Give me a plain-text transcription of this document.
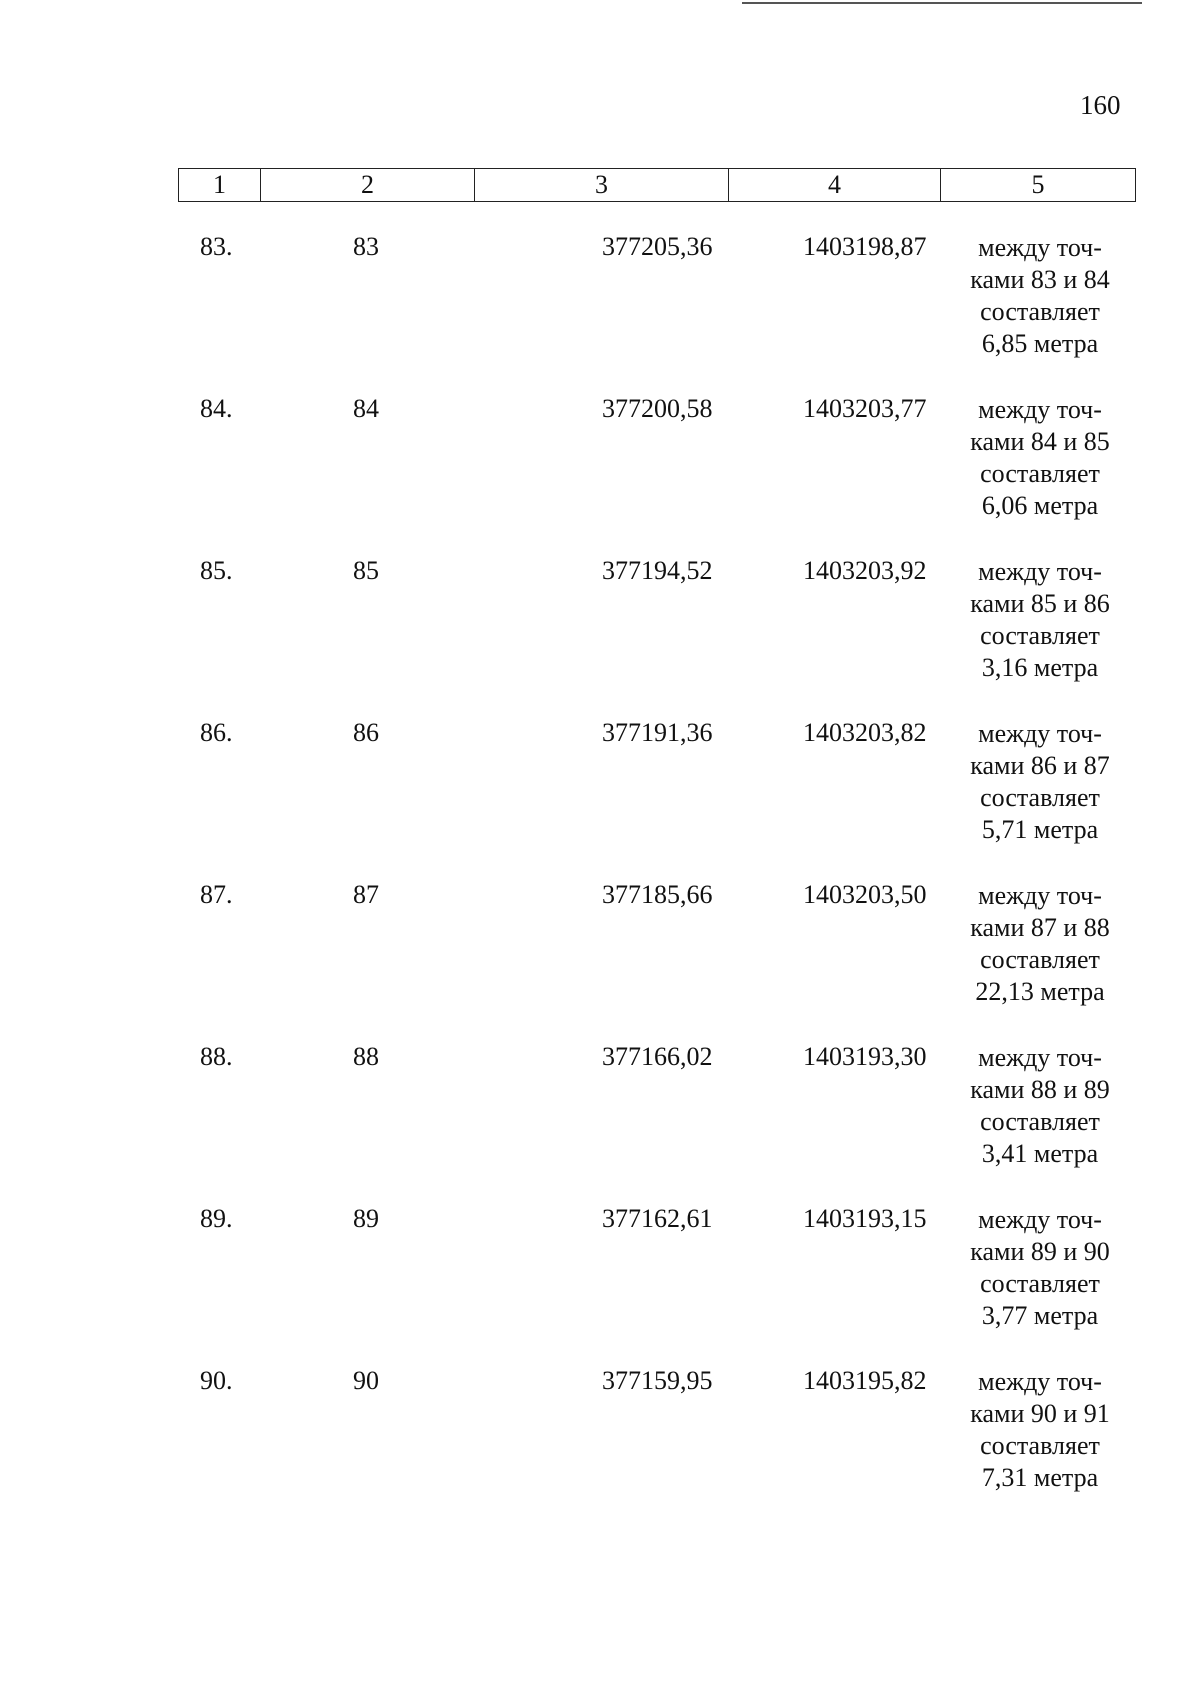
160
1	2	3	4	5
83.	83	377205,36	1403198,87	между точ-
ками 83 и 84
составляет
6,85 метра
84.	84	377200,58	1403203,77	между точ-
ками 84 и 85
составляет
6,06 метра
85.	85	377194,52	1403203,92	между точ-
ками 85 и 86
составляет
3,16 метра
86.	86	377191,36	1403203,82	между точ-
ками 86 и 87
составляет
5,71 метра
87.	87	377185,66	1403203,50	между точ-
ками 87 и 88
составляет
22,13 метра
88.	88	377166,02	1403193,30	между точ-
ками 88 и 89
составляет
3,41 метра
89.	89	377162,61	1403193,15	между точ-
ками 89 и 90
составляет
3,77 метра
90.	90	377159,95	1403195,82	между точ-
ками 90 и 91
составляет
7,31 метра
